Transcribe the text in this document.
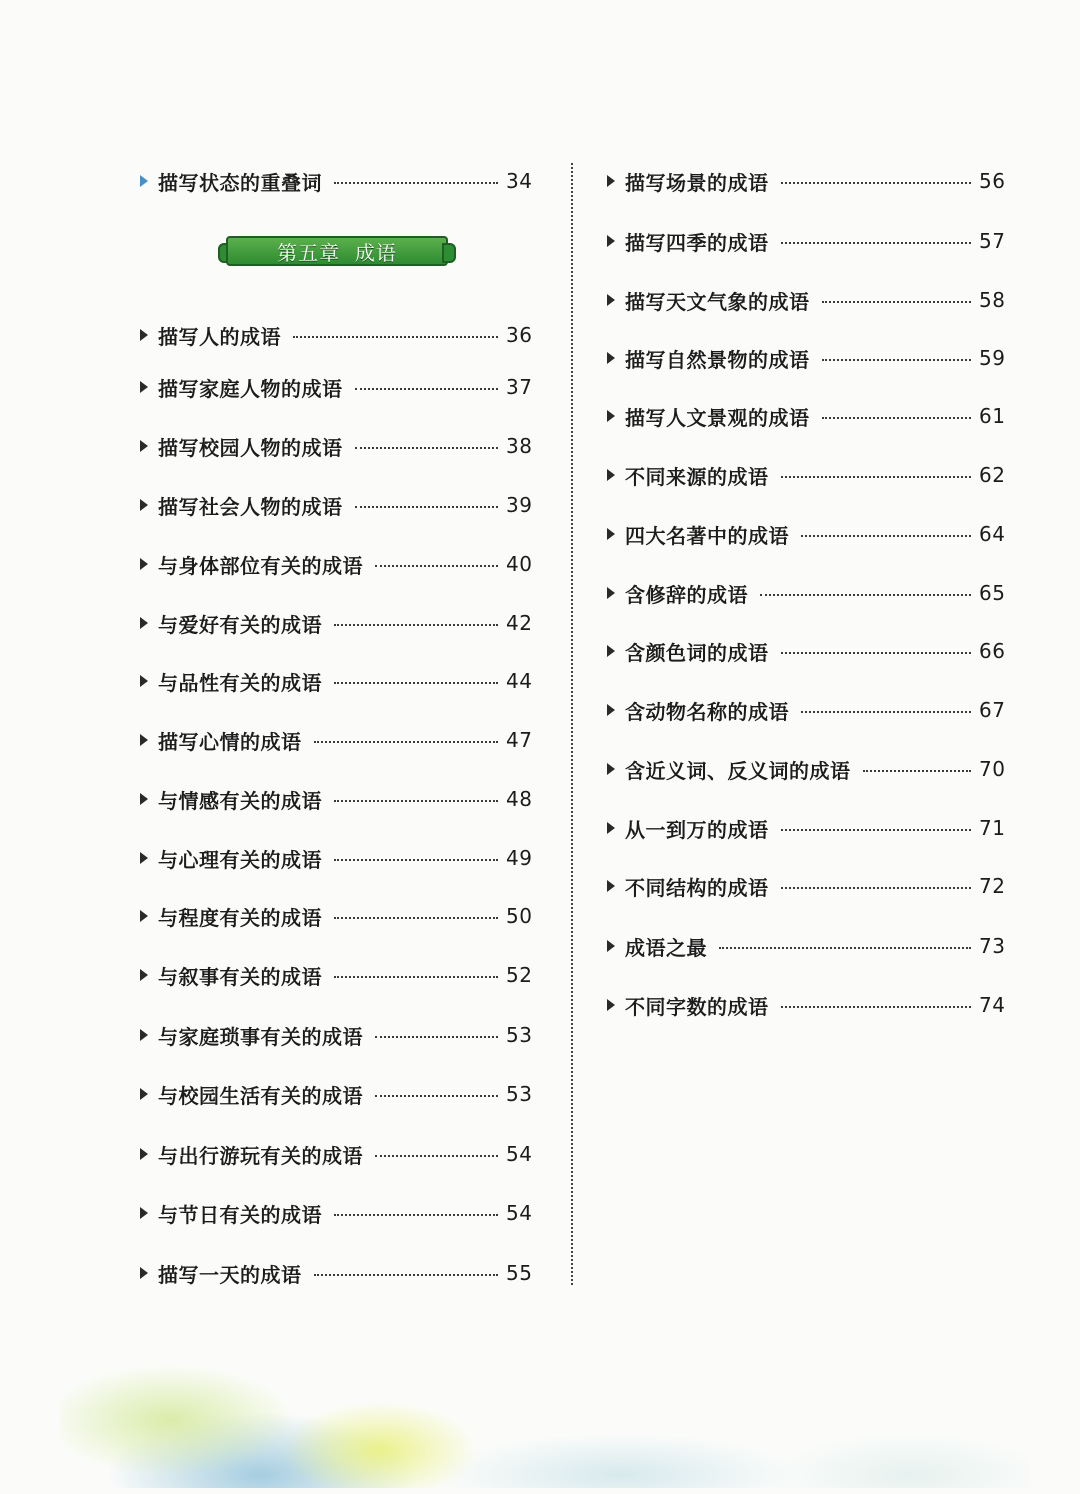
第五章  成语
描写状态的重叠词	34
描写人的成语	36
描写家庭人物的成语	37
描写校园人物的成语	38
描写社会人物的成语	39
与身体部位有关的成语	40
与爱好有关的成语	42
与品性有关的成语	44
描写心情的成语	47
与情感有关的成语	48
与心理有关的成语	49
与程度有关的成语	50
与叙事有关的成语	52
与家庭琐事有关的成语	53
与校园生活有关的成语	53
与出行游玩有关的成语	54
与节日有关的成语	54
描写一天的成语	55
描写场景的成语	56
描写四季的成语	57
描写天文气象的成语	58
描写自然景物的成语	59
描写人文景观的成语	61
不同来源的成语	62
四大名著中的成语	64
含修辞的成语	65
含颜色词的成语	66
含动物名称的成语	67
含近义词、反义词的成语	70
从一到万的成语	71
不同结构的成语	72
成语之最	73
不同字数的成语	74
